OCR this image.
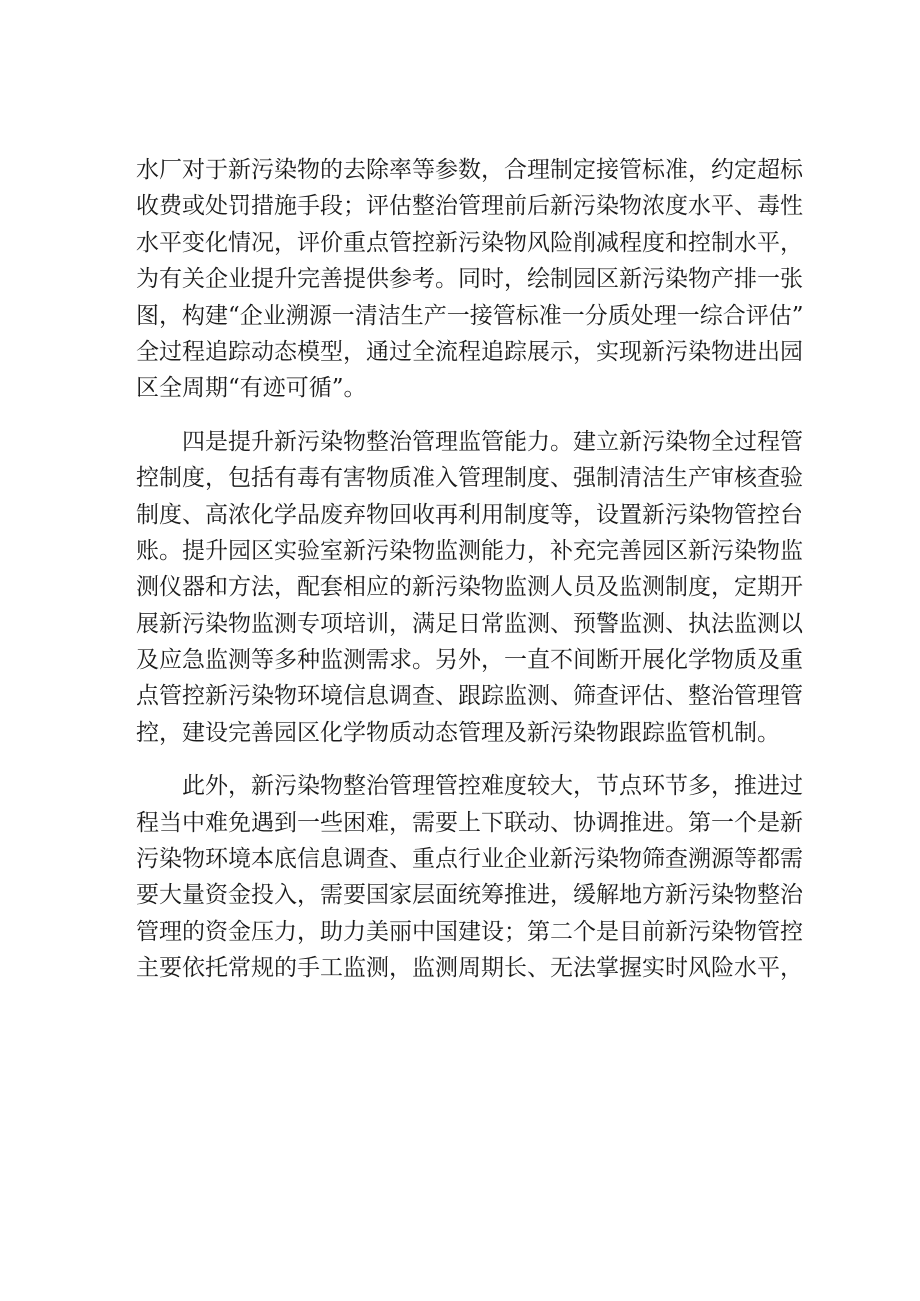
水厂对于新污染物的去除率等参数，合理制定接管标准，约定超标
收费或处罚措施手段；评估整治管理前后新污染物浓度水平、毒性
水平变化情况，评价重点管控新污染物风险削减程度和控制水平，
为有关企业提升完善提供参考。同时，绘制园区新污染物产排一张
图，构建“企业溯源一清洁生产一接管标准一分质处理一综合评估”
全过程追踪动态模型，通过全流程追踪展示，实现新污染物进出园
区全周期“有迹可循”。
四是提升新污染物整治管理监管能力。建立新污染物全过程管
控制度，包括有毒有害物质准入管理制度、强制清洁生产审核查验
制度、高浓化学品废弃物回收再利用制度等，设置新污染物管控台
账。提升园区实验室新污染物监测能力，补充完善园区新污染物监
测仪器和方法，配套相应的新污染物监测人员及监测制度，定期开
展新污染物监测专项培训，满足日常监测、预警监测、执法监测以
及应急监测等多种监测需求。另外，一直不间断开展化学物质及重
点管控新污染物环境信息调查、跟踪监测、筛查评估、整治管理管
控，建设完善园区化学物质动态管理及新污染物跟踪监管机制。
此外，新污染物整治管理管控难度较大，节点环节多，推进过
程当中难免遇到一些困难，需要上下联动、协调推进。第一个是新
污染物环境本底信息调查、重点行业企业新污染物筛查溯源等都需
要大量资金投入，需要国家层面统筹推进，缓解地方新污染物整治
管理的资金压力，助力美丽中国建设；第二个是目前新污染物管控
主要依托常规的手工监测，监测周期长、无法掌握实时风险水平，
